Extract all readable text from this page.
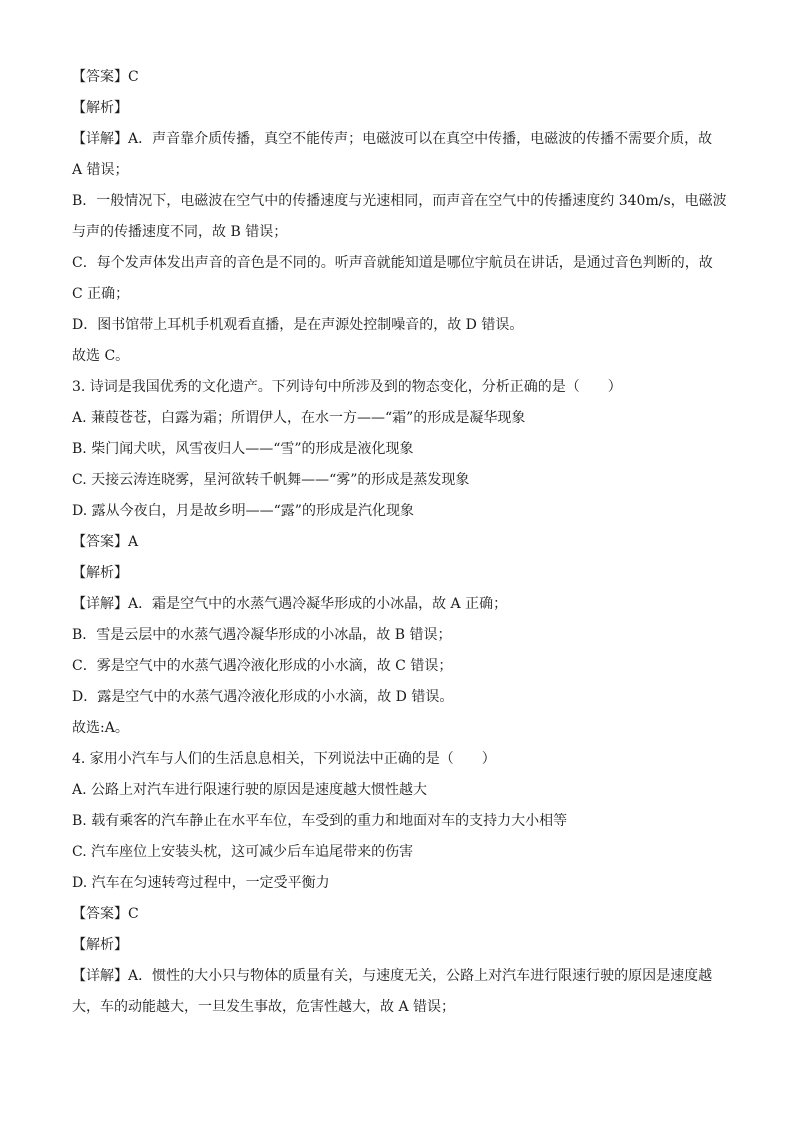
【答案】C
【解析】
【详解】A．声音靠介质传播，真空不能传声；电磁波可以在真空中传播，电磁波的传播不需要介质，故
A 错误；
B．一般情况下，电磁波在空气中的传播速度与光速相同，而声音在空气中的传播速度约 340m/s，电磁波
与声的传播速度不同，故 B 错误；
C．每个发声体发出声音的音色是不同的。听声音就能知道是哪位宇航员在讲话，是通过音色判断的，故
C 正确；
D．图书馆带上耳机手机观看直播，是在声源处控制噪音的，故 D 错误。
故选 C。
3. 诗词是我国优秀的文化遗产。下列诗句中所涉及到的物态变化，分析正确的是（　　）
A. 蒹葭苍苍，白露为霜；所谓伊人，在水一方——“霜”的形成是凝华现象
B. 柴门闻犬吠，风雪夜归人——“雪”的形成是液化现象
C. 天接云涛连晓雾，星河欲转千帆舞——“雾”的形成是蒸发现象
D. 露从今夜白，月是故乡明——“露”的形成是汽化现象
【答案】A
【解析】
【详解】A．霜是空气中的水蒸气遇冷凝华形成的小冰晶，故 A 正确；
B．雪是云层中的水蒸气遇冷凝华形成的小冰晶，故 B 错误；
C．雾是空气中的水蒸气遇冷液化形成的小水滴，故 C 错误；
D．露是空气中的水蒸气遇冷液化形成的小水滴，故 D 错误。
故选:A。
4. 家用小汽车与人们的生活息息相关，下列说法中正确的是（　　）
A. 公路上对汽车进行限速行驶的原因是速度越大惯性越大
B. 载有乘客的汽车静止在水平车位，车受到的重力和地面对车的支持力大小相等
C. 汽车座位上安装头枕，这可减少后车追尾带来的伤害
D. 汽车在匀速转弯过程中，一定受平衡力
【答案】C
【解析】
【详解】A．惯性的大小只与物体的质量有关，与速度无关，公路上对汽车进行限速行驶的原因是速度越
大，车的动能越大，一旦发生事故，危害性越大，故 A 错误；
